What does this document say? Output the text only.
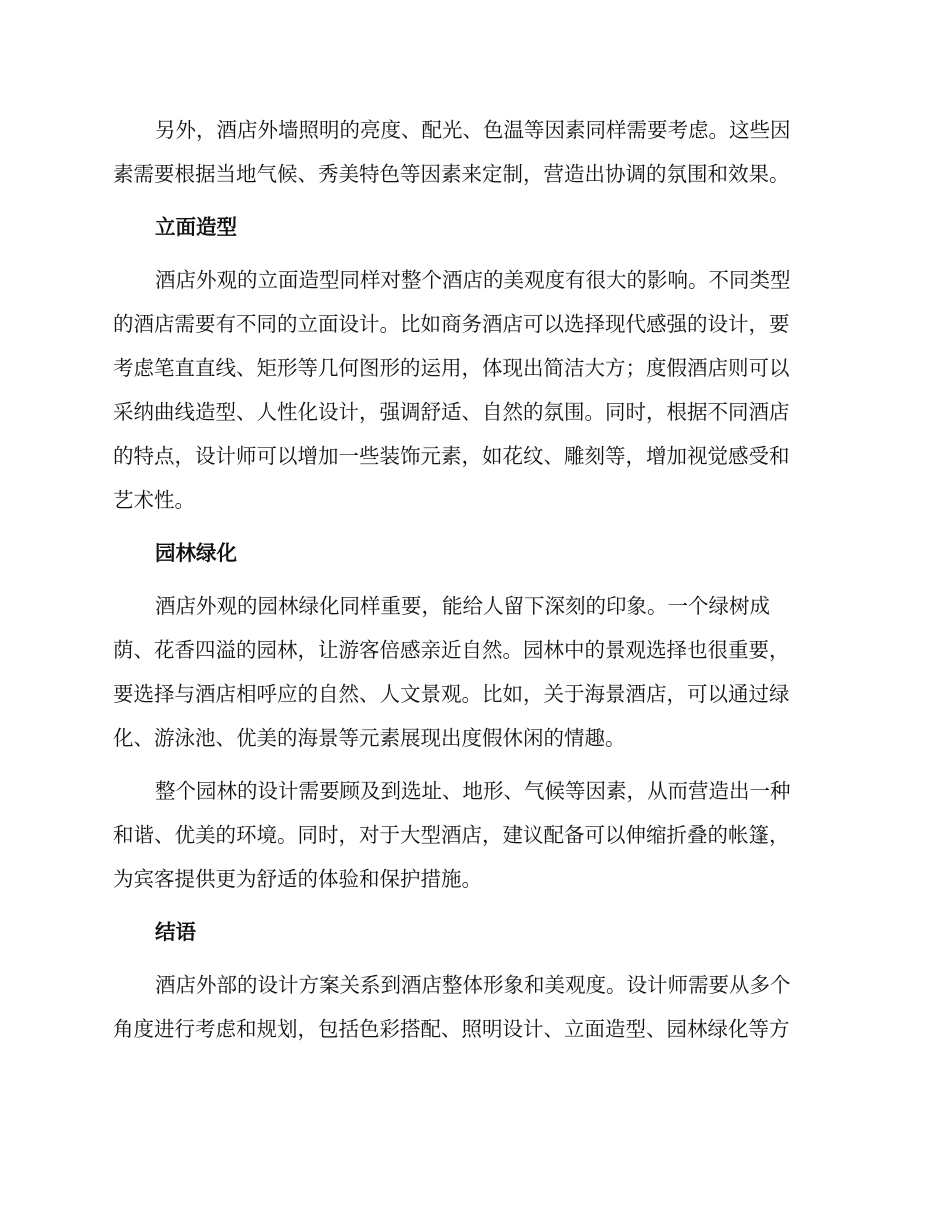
另外，酒店外墙照明的亮度、配光、色温等因素同样需要考虑。这些因
素需要根据当地气候、秀美特色等因素来定制，营造出协调的氛围和效果。
立面造型
酒店外观的立面造型同样对整个酒店的美观度有很大的影响。不同类型
的酒店需要有不同的立面设计。比如商务酒店可以选择现代感强的设计，要
考虑笔直直线、矩形等几何图形的运用，体现出简洁大方；度假酒店则可以
采纳曲线造型、人性化设计，强调舒适、自然的氛围。同时，根据不同酒店
的特点，设计师可以增加一些装饰元素，如花纹、雕刻等，增加视觉感受和
艺术性。
园林绿化
酒店外观的园林绿化同样重要，能给人留下深刻的印象。一个绿树成
荫、花香四溢的园林，让游客倍感亲近自然。园林中的景观选择也很重要，
要选择与酒店相呼应的自然、人文景观。比如，关于海景酒店，可以通过绿
化、游泳池、优美的海景等元素展现出度假休闲的情趣。
整个园林的设计需要顾及到选址、地形、气候等因素，从而营造出一种
和谐、优美的环境。同时，对于大型酒店，建议配备可以伸缩折叠的帐篷，
为宾客提供更为舒适的体验和保护措施。
结语
酒店外部的设计方案关系到酒店整体形象和美观度。设计师需要从多个
角度进行考虑和规划，包括色彩搭配、照明设计、立面造型、园林绿化等方
